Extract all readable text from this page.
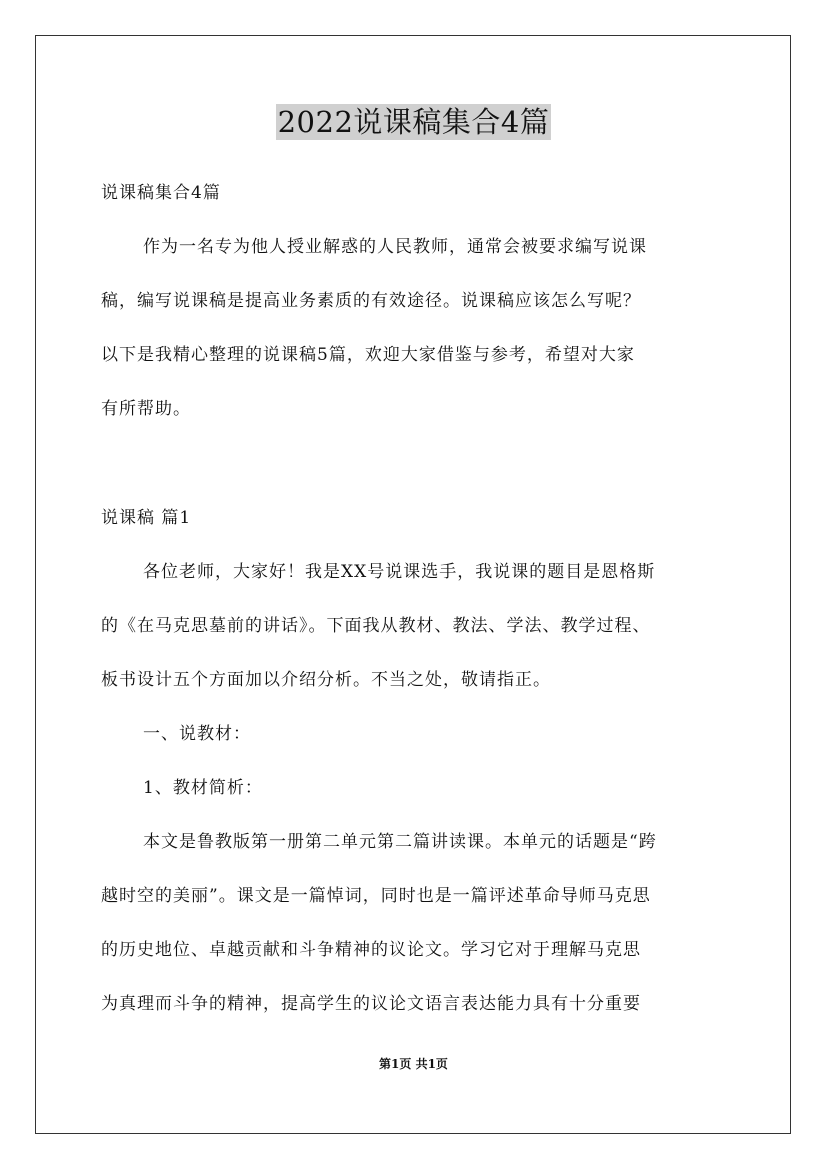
2022说课稿集合4篇
说课稿集合4篇
作为一名专为他人授业解惑的人民教师，通常会被要求编写说课
稿，编写说课稿是提高业务素质的有效途径。说课稿应该怎么写呢？
以下是我精心整理的说课稿5篇，欢迎大家借鉴与参考，希望对大家
有所帮助。
说课稿 篇1
各位老师，大家好！我是XX号说课选手，我说课的题目是恩格斯
的《在马克思墓前的讲话》。下面我从教材、教法、学法、教学过程、
板书设计五个方面加以介绍分析。不当之处，敬请指正。
一、说教材：
1、教材简析：
本文是鲁教版第一册第二单元第二篇讲读课。本单元的话题是“跨
越时空的美丽”。课文是一篇悼词，同时也是一篇评述革命导师马克思
的历史地位、卓越贡献和斗争精神的议论文。学习它对于理解马克思
为真理而斗争的精神，提高学生的议论文语言表达能力具有十分重要
第1页 共1页
